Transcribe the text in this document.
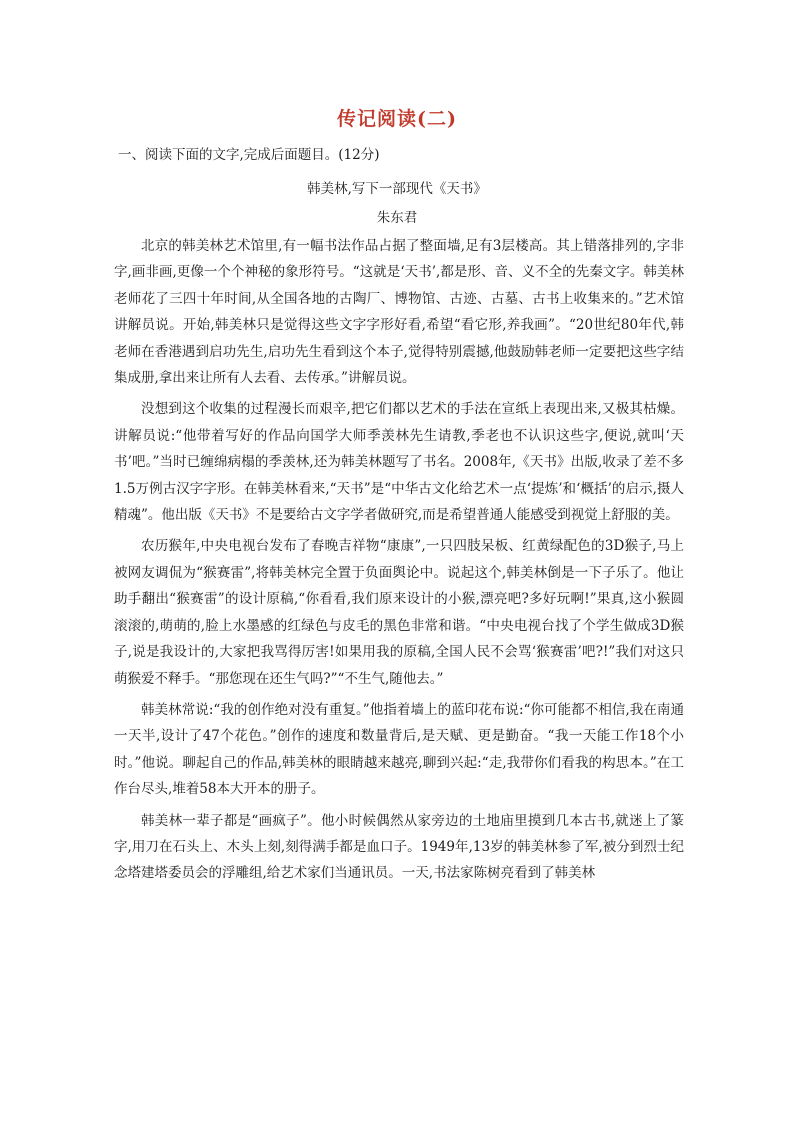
传记阅读(二)
一、阅读下面的文字,完成后面题目。(12分)
韩美林,写下一部现代《天书》
朱东君

北京的韩美林艺术馆里,有一幅书法作品占据了整面墙,足有3层楼高。其上错落排列的,字非字,画非画,更像一个个神秘的象形符号。“这就是‘天书’,都是形、音、义不全的先秦文字。韩美林老师花了三四十年时间,从全国各地的古陶厂、博物馆、古迹、古墓、古书上收集来的。”艺术馆讲解员说。开始,韩美林只是觉得这些文字字形好看,希望“看它形,养我画”。“20世纪80年代,韩老师在香港遇到启功先生,启功先生看到这个本子,觉得特别震撼,他鼓励韩老师一定要把这些字结集成册,拿出来让所有人去看、去传承。”讲解员说。

没想到这个收集的过程漫长而艰辛,把它们都以艺术的手法在宣纸上表现出来,又极其枯燥。讲解员说:“他带着写好的作品向国学大师季羡林先生请教,季老也不认识这些字,便说,就叫‘天书’吧。”当时已缠绵病榻的季羡林,还为韩美林题写了书名。2008年,《天书》出版,收录了差不多1.5万例古汉字字形。在韩美林看来,“天书”是“中华古文化给艺术一点‘提炼’和‘概括’的启示,摄人精魂”。他出版《天书》不是要给古文字学者做研究,而是希望普通人能感受到视觉上舒服的美。

农历猴年,中央电视台发布了春晚吉祥物“康康”,一只四肢呆板、红黄绿配色的3D猴子,马上被网友调侃为“猴赛雷”,将韩美林完全置于负面舆论中。说起这个,韩美林倒是一下子乐了。他让助手翻出“猴赛雷”的设计原稿,“你看看,我们原来设计的小猴,漂亮吧?多好玩啊!”果真,这小猴圆滚滚的,萌萌的,脸上水墨感的红绿色与皮毛的黑色非常和谐。“中央电视台找了个学生做成3D猴子,说是我设计的,大家把我骂得厉害!如果用我的原稿,全国人民不会骂‘猴赛雷’吧?!”我们对这只萌猴爱不释手。“那您现在还生气吗?”“不生气,随他去。”

韩美林常说:“我的创作绝对没有重复。”他指着墙上的蓝印花布说:“你可能都不相信,我在南通一天半,设计了47个花色。”创作的速度和数量背后,是天赋、更是勤奋。“我一天能工作18个小时。”他说。聊起自己的作品,韩美林的眼睛越来越亮,聊到兴起:“走,我带你们看我的构思本。”在工作台尽头,堆着58本大开本的册子。

韩美林一辈子都是“画疯子”。他小时候偶然从家旁边的土地庙里摸到几本古书,就迷上了篆字,用刀在石头上、木头上刻,刻得满手都是血口子。1949年,13岁的韩美林参了军,被分到烈士纪念塔建塔委员会的浮雕组,给艺术家们当通讯员。一天,书法家陈树亮看到了韩美林
